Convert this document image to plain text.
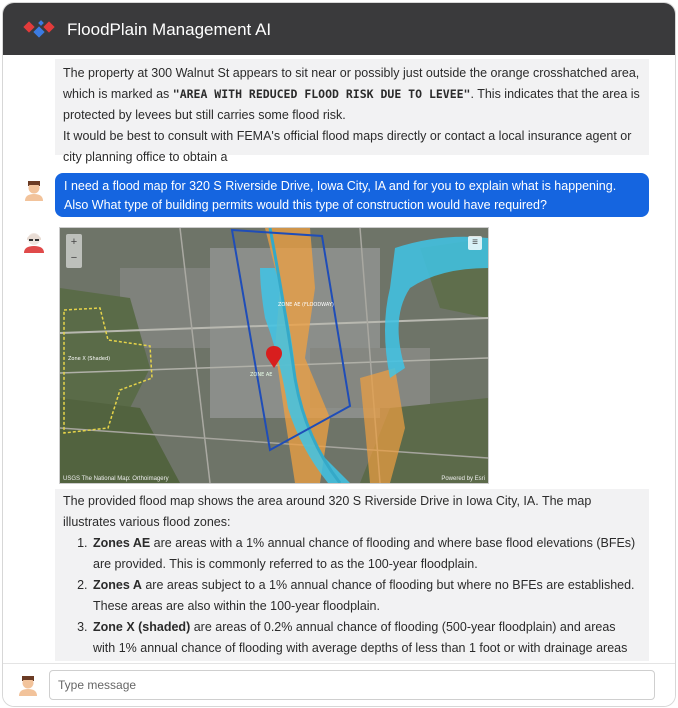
FloodPlain Management AI

The property at 300 Walnut St appears to sit near or possibly just outside the orange crosshatched area, which is marked as "AREA WITH REDUCED FLOOD RISK DUE TO LEVEE". This indicates that the area is protected by levees but still carries some flood risk.

It would be best to consult with FEMA's official flood maps directly or contact a local insurance agent or city planning office to obtain a

I need a flood map for 320 S Riverside Drive, Iowa City, IA and for you to explain what is happening. Also What type of building permits would this type of construction would have required?
ZONE AE (FLOODWAY)
ZONE AE
Zone X (Shaded)
+
−
≡
USGS The National Map: Orthoimagery	Powered by Esri

The provided flood map shows the area around 320 S Riverside Drive in Iowa City, IA. The map illustrates various flood zones:

1. Zones AE are areas with a 1% annual chance of flooding and where base flood elevations (BFEs) are provided. This is commonly referred to as the 100-year floodplain.
2. Zones A are areas subject to a 1% annual chance of flooding but where no BFEs are established. These areas are also within the 100-year floodplain.
3. Zone X (shaded) are areas of 0.2% annual chance of flooding (500-year floodplain) and areas with 1% annual chance of flooding with average depths of less than 1 foot or with drainage areas
Type message
